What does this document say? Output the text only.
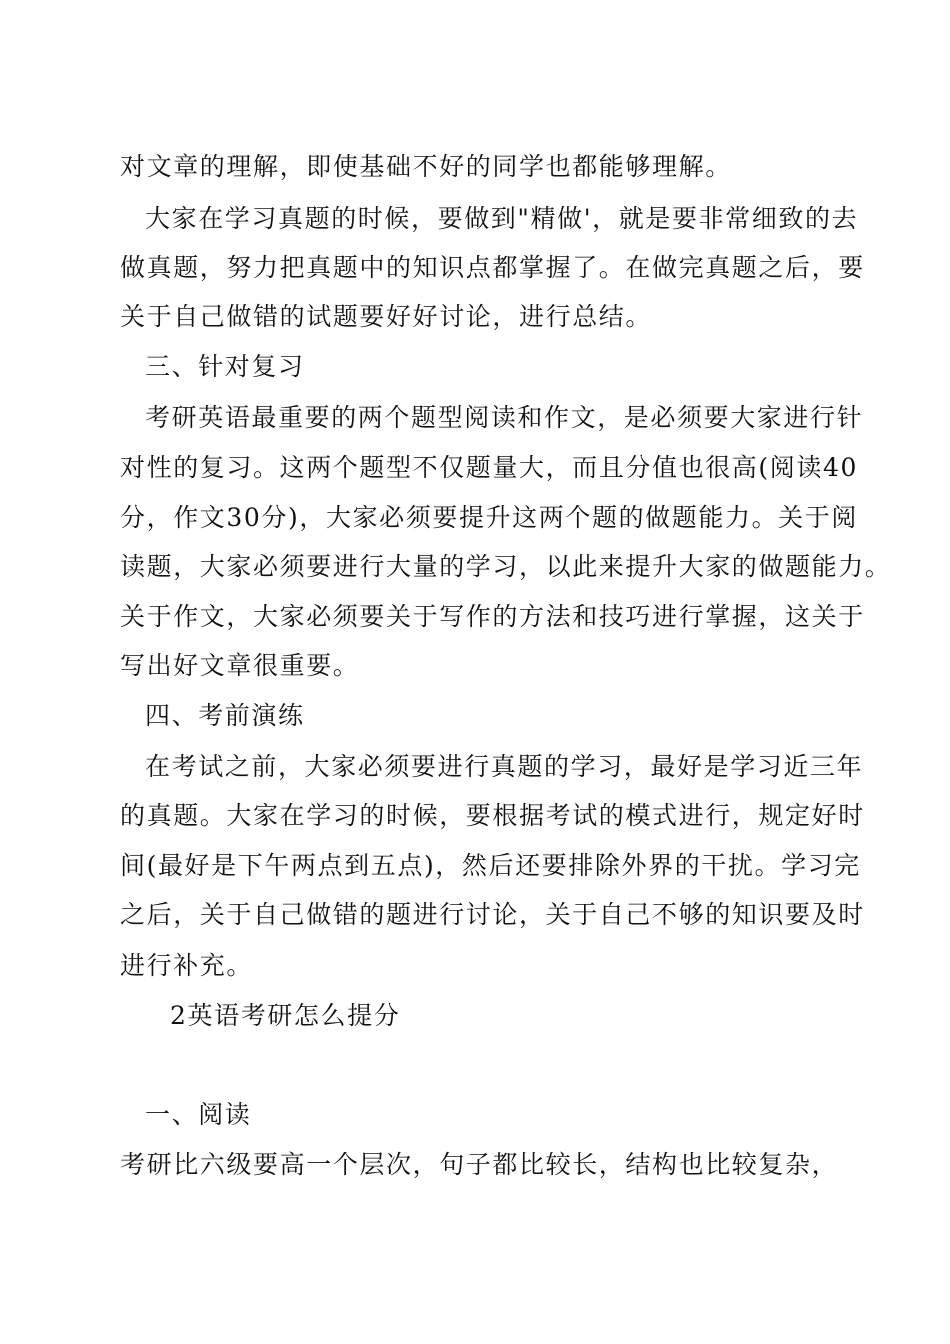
对文章的理解，即使基础不好的同学也都能够理解。
大家在学习真题的时候，要做到"精做'，就是要非常细致的去
做真题，努力把真题中的知识点都掌握了。在做完真题之后，要
关于自己做错的试题要好好讨论，进行总结。
三、针对复习
考研英语最重要的两个题型阅读和作文，是必须要大家进行针
对性的复习。这两个题型不仅题量大，而且分值也很高(阅读40
分，作文30分)，大家必须要提升这两个题的做题能力。关于阅
读题，大家必须要进行大量的学习，以此来提升大家的做题能力。
关于作文，大家必须要关于写作的方法和技巧进行掌握，这关于
写出好文章很重要。
四、考前演练
在考试之前，大家必须要进行真题的学习，最好是学习近三年
的真题。大家在学习的时候，要根据考试的模式进行，规定好时
间(最好是下午两点到五点)，然后还要排除外界的干扰。学习完
之后，关于自己做错的题进行讨论，关于自己不够的知识要及时
进行补充。
2英语考研怎么提分
一、阅读
考研比六级要高一个层次，句子都比较长，结构也比较复杂，
